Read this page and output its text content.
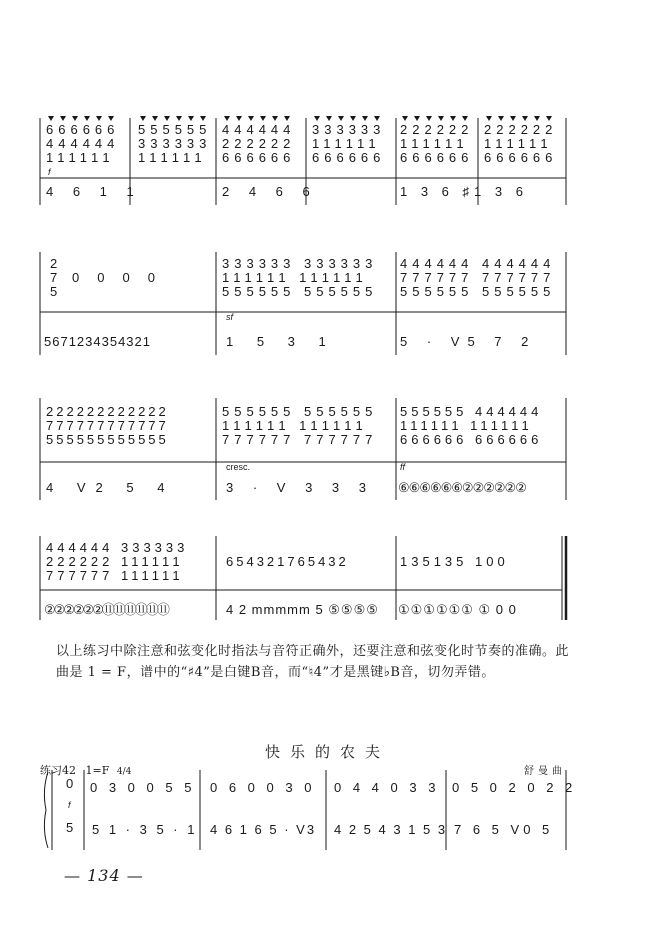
666666 555555 444444 333333 222222 222222
444444 333333 222222 111111 111111 111111
111111 111111 666666 666666 666666 666666
f
4 6 1 1	2 4 6 6	1 3 6 ♯1 3 6
2
7
5
0000
333333 333333
111111 111111
555555 555555
444444 444444
777777 777777
555555 555555
sf
5671234354321	1 5 3 1	5 · V5 7 2
222222222222
777777777777
555555555555
555555 555555
111111 111111
777777 777777
555555 444444
111111 111111
666666 666666
cresc.	ff
4 V2 5 4	3 · V 3 3 3 ⑥⑥⑥⑥⑥⑥②②②②②②
444444 333333
222222 111111
777777 111111
654321765432	135135 100
②②②②②②⑪⑪⑪⑪⑪⑪	4 2 mmmmm 5 ⑤⑤⑤⑤ ①①①①①① ① 0 0
0
f
5
0 3 0 0 5 5 0 6 0 0 3 0 0 4 4 0 3 3 0 5 0 2 0 2 2
5 1 · 3 5 · 1 4 6 1 6 5 · V3 4 2 5 4 3 1 5 3 7 6 5 V0 5
以上练习中除注意和弦变化时指法与音符正确外，还要注意和弦变化时节奏的准确。此
曲是 1 = F，谱中的“♯4”是白键B音，而“♮4”才是黑键♭B音，切勿弄错。
快乐的农夫
练习42 1=F 4/4	舒曼曲
— 134 —
